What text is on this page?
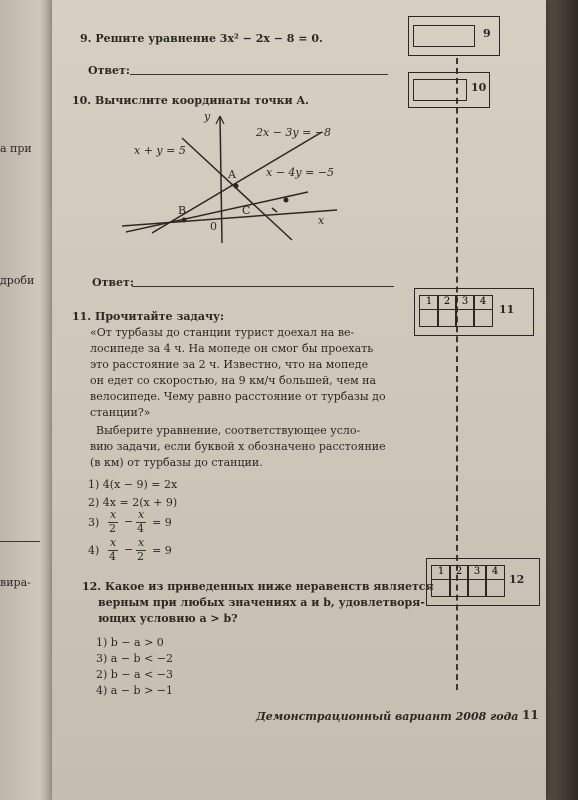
а при
дроби
вира-
9. Решите уравнение 3x² − 2x − 8 = 0.
Ответ:
9
10. Вычислите координаты точки A.
10
y
x
0
x + y = 5
2x − 3y = −8
x − 4y = −5
A
B	C
Ответ:
11. Прочитайте задачу:
«От турбазы до станции турист доехал на ве-
лосипеде за 4 ч. На мопеде он смог бы проехать
это расстояние за 2 ч. Известно, что на мопеде
он едет со скоростью, на 9 км/ч большей, чем на
велосипеде. Чему равно расстояние от турбазы до
станции?»
Выберите уравнение, соответствующее усло-
вию задачи, если буквой x обозначено расстояние
(в км) от турбазы до станции.
1) 4(x − 9) = 2x
2) 4x = 2(x + 9)
3)
x
2
−
x
4 = 9
4)
x
4
−
x
2 = 9
1	2	3	4
11
12. Какое из приведенных ниже неравенств является
верным при любых значениях a и b, удовлетворя-
ющих условию a > b?
1) b − a > 0
3) a − b < −2
2) b − a < −3
4) a − b > −1
1	2	3	4
12
Демонстрационный вариант 2008 года 11
